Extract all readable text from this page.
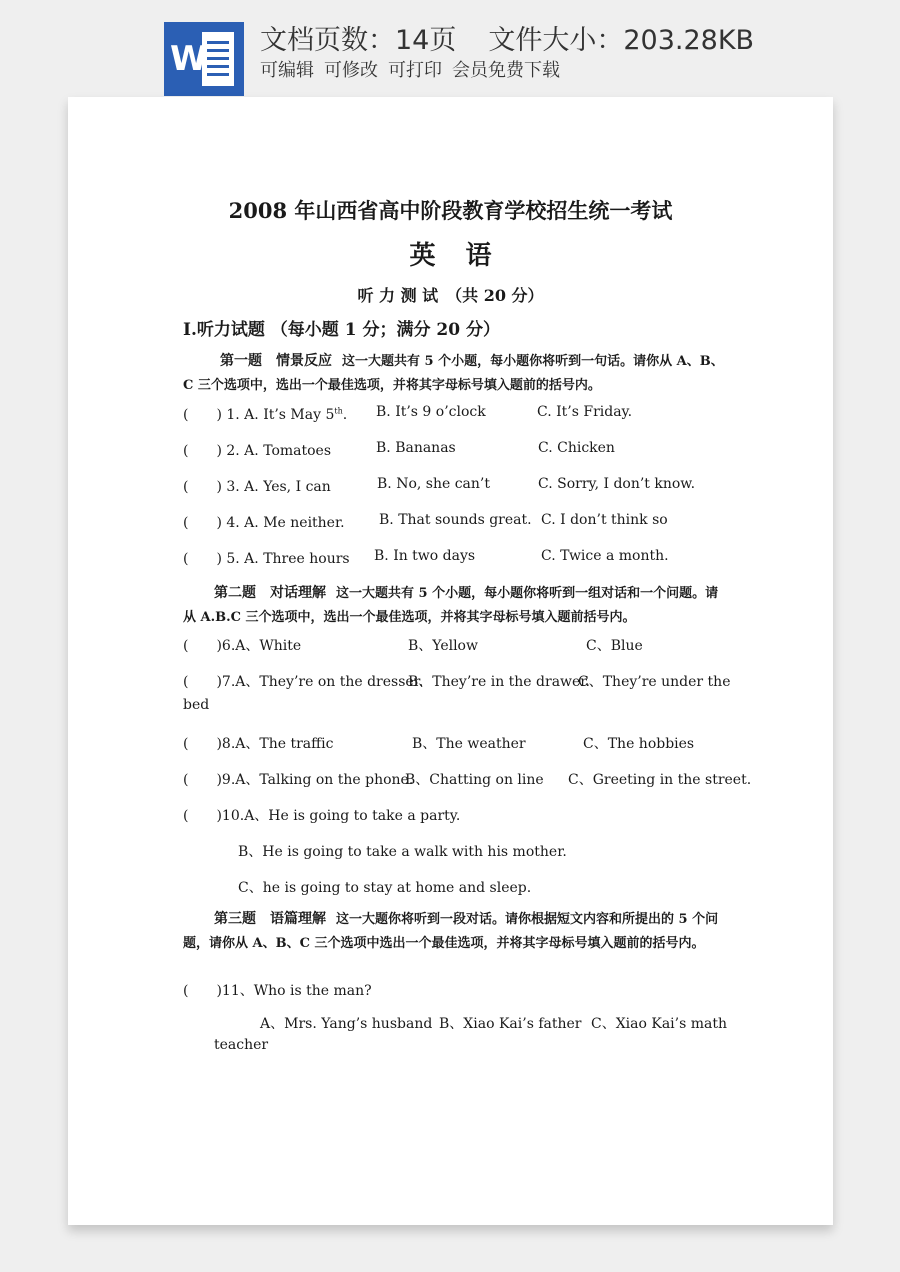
W 文档页数：14页 文件大小：203.28KB
可编辑 可修改 可打印 会员免费下载
2008 年山西省高中阶段教育学校招生统一考试
英语
听 力 测 试　（共 20 分）
I.听力试题 （每小题 1 分；满分 20 分）
第一题　情景反应 这一大题共有 5 个小题，每小题你将听到一句话。请你从 A、B、C 三个选项中，选出一个最佳选项，并将其字母标号填入题前的括号内。
(　　) 1. A. It’s May 5th. B. It’s 9 o’clock	C. It’s Friday.
(　　) 2. A. Tomatoes	B. Bananas	C. Chicken
(　　) 3. A. Yes, I can	B. No, she can’t	C. Sorry, I don’t know.
(　　) 4. A. Me neither. B. That sounds great. C. I don’t think so
(　　) 5. A. Three hours B. In two days	C. Twice a month.
第二题　对话理解 这一大题共有 5 个小题，每小题你将听到一组对话和一个问题。请从 A.B.C 三个选项中，选出一个最佳选项，并将其字母标号填入题前括号内。
(　　)6.A、White	B、Yellow	C、Blue
(　　)7.A、They’re on the dresser.
B、They’re in the drawer.
C、They’re under the
bed
(　　)8.A、The traffic	B、The weather	C、The hobbies
(　　)9.A、Talking on the phone.
B、Chatting on line C、Greeting in the street.
(　　)10.A、He is going to take a party.
B、He is going to take a walk with his mother.
C、he is going to stay at home and sleep.
第三题　语篇理解 这一大题你将听到一段对话。请你根据短文内容和所提出的 5 个问题，请你从 A、B、C 三个选项中选出一个最佳选项，并将其字母标号填入题前的括号内。
(　　)11、Who is the man?
A、Mrs. Yang’s husband B、Xiao Kai’s father C、Xiao Kai’s math
teacher
